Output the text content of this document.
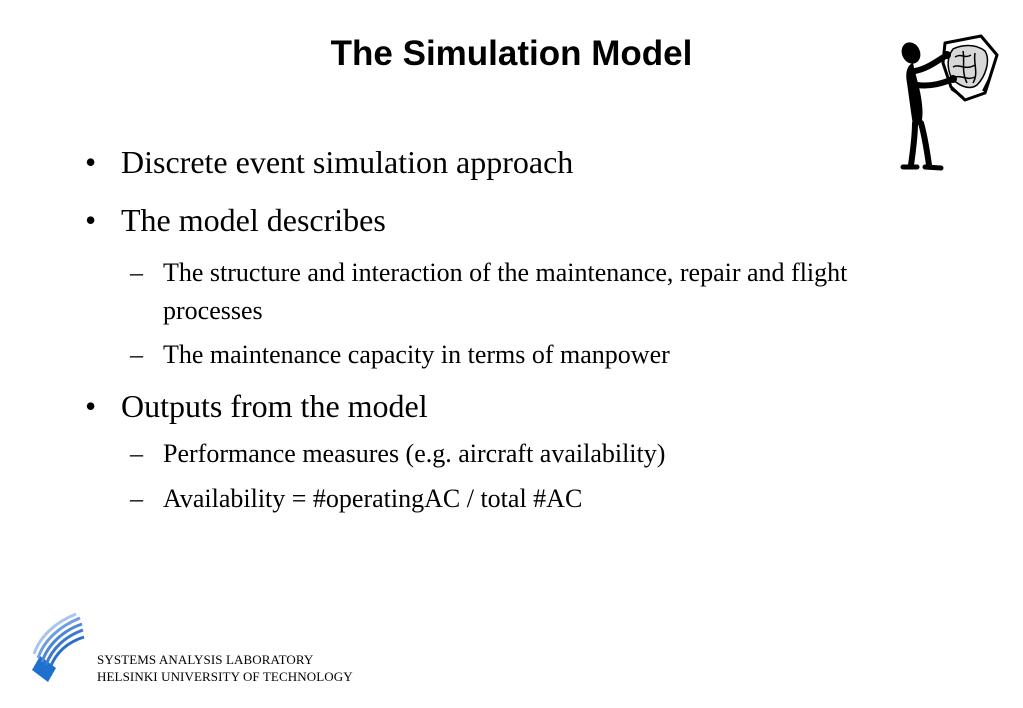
The Simulation Model
• Discrete event simulation approach
• The model describes
– The structure and interaction of the maintenance, repair and flight processes
– The maintenance capacity in terms of manpower
• Outputs from the model
– Performance measures (e.g. aircraft availability)
– Availability = #operatingAC / total #AC
SYSTEMS ANALYSIS LABORATORY
HELSINKI UNIVERSITY OF TECHNOLOGY
